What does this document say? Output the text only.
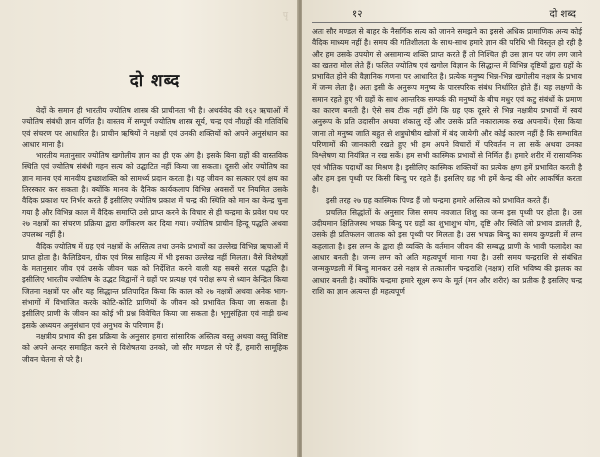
पृ
दो शब्द

वेदों के समान ही भारतीय ज्योतिष शास्त्र की प्राचीनता भी है। अथर्ववेद की १६२ ऋचाओं में ज्योतिष संबंधी ज्ञान वर्णित है। वास्तव में सम्पूर्ण ज्योतिष शास्त्र सूर्य, चन्द्र एवं नौग्रहों की गतिविधि एवं संचरण पर आधारित है। प्राचीन ऋषियों ने नक्षत्रों एवं उनकी शक्तियों को अपने अनुसंधान का आधार माना है।

भारतीय मतानुसार ज्योतिष खगोलीय ज्ञान का ही एक अंग है। इसके बिना ग्रहों की वास्तविक स्थिति एवं ज्योतिष संबंधी गहन सत्य को उद्घाटित नहीं किया जा सकता। दूसरी ओर ज्योतिष का ज्ञान मानव एवं मानवीय इच्छाशक्ति को सामर्थ्य प्रदान करता है। यह जीवन का सत्कार एवं क्षय का तिरस्कार कर सकता है। क्योंकि मानव के दैनिक कार्यकलाप विभिन्न अवसरों पर नियमित उसके वैदिक प्रकाश पर निर्भर करते हैं इसीलिए ज्योतिष प्रकाश में चन्द्र की स्थिति को मान का केन्द्र चुना गया है और विभिन्न काल में वैदिक समाप्ति उसे प्राप्त करने के विचार से ही चन्द्रमा के प्रवेश पथ पर २७ नक्षत्रों का संचरण प्रक्रिया द्वारा वर्गीकरण कर दिया गया। ज्योतिष प्राचीन हिन्दू पद्धति अथवा उपलब्ध नहीं है।

वैदिक ज्योतिष में ग्रह एवं नक्षत्रों के अस्तित्व तथा उनके प्रभावों का उल्लेख विभिन्न ऋचाओं में प्राप्त होता है। कैलिडियन, ग्रीक एवं मिस्र साहित्य में भी इसका उल्लेख नहीं मिलता। वैसे विशेषज्ञों के मतानुसार जीव एवं उसके जीवन चक्र को निर्देशित करने वाली यह सबसे सरल पद्धति है। इसीलिए भारतीय ज्योतिष के उद्भट विद्वानों ने ग्रहों पर प्रत्यक्ष एवं परोक्ष रूप से ध्यान केन्द्रित किया जितना नक्षत्रों पर और यह सिद्धान्त प्रतिपादित किया कि काल को २७ नक्षत्रों अथवा अनेक भाग-संभागों में विभाजित करके कोटि-कोटि प्राणियों के जीवन को प्रभावित किया जा सकता है। इसीलिए प्राणी के जीवन का कोई भी प्रश्न विवेचित किया जा सकता है। भृगुसंहिता एवं नाड़ी ग्रन्थ इसके अध्ययन अनुसंधान एवं अनुभव के परिणाम हैं।

नक्षत्रीय प्रभाव की इस प्रक्रिया के अनुसार हमारा सांसारिक अस्तित्व वस्तु अथवा वस्तु विशिष्ट को अपने अन्दर समाहित करने से विशेषतया उनको, जो सौर मण्डल से परे हैं, हमारी सामूहिक जीवन चेतना से परे है।

१२	दो शब्द

अतः सौर मण्डल से बाहर के नैसर्गिक सत्य को जानने समझने का इससे अधिक प्रामाणिक अन्य कोई वैदिक माध्यम नहीं है। समय की गतिशीलता के साथ-साथ हमारे ज्ञान की परिधि भी विस्तृत हो रही है और हम उसके उपयोग से असामान्य शक्ति प्राप्त करते हैं तो निश्चित ही उस ज्ञान पर जंग लग जाने का खतरा मोल लेते हैं। फलित ज्योतिष एवं खगोल विज्ञान के सिद्धान्त में विभिन्न दृष्टियों द्वारा ग्रहों के प्रभावित होने की वैज्ञानिक गणना पर आधारित है। प्रत्येक मनुष्य भिन्न-भिन्न खगोलीय नक्षत्र के प्रभाव में जन्म लेता है। अतः इसी के अनुरूप मनुष्य के पारस्परिक संबंध निर्धारित होते हैं। यह लक्षणों के समान रहते हुए भी ग्रहों के साथ आन्तरिक सम्पर्क की मनुष्यों के बीच मधुर एवं कटु संबंधों के प्रमाण का कारण बनती है। ऐसे सब टीक नहीं होंगे कि ग्रह एक दूसरे से भिन्न नक्षत्रीय प्रभावों में स्वयं अनुरूप के प्रति उदासीन अथवा शंकालु रहें और उसके प्रति नकारात्मक रुख अपनायें। ऐसा किया जाना तो मनुष्य जाति बहुत से शत्रुघोषीय खोजों में बंद जायेगी और कोई कारण नहीं है कि सम्भावित परिणामों की जानकारी रखते हुए भी हम अपने विचारों में परिवर्तन न ला सकें अथवा उनका विश्लेषण या नियंत्रित न रख सकें। हम सभी कास्मिक प्रभावों से निर्मित हैं। हमारे शरीर में रासायनिक एवं भौतिक पदार्थों का मिश्रण है। इसीलिए कास्मिक शक्तियों का प्रत्येक क्षण हमें प्रभावित करती है और हम इस पृथ्वी पर किसी बिन्दु पर रहते हैं। इसलिए ग्रह भी हमें केन्द्र की ओर आकर्षित करता है।

इसी तरह २७ ग्रह कास्मिक पिण्ड हैं जो चन्द्रमा हमारे अस्तित्व को प्रभावित करते हैं।

प्रचलित सिद्धांतों के अनुसार जिस समय नवजात शिशु का जन्म इस पृथ्वी पर होता है। उस उदीयमान क्षितिजस्थ भचक्र बिन्दु पर ग्रहों का शुभाशुभ योग, दृष्टि और स्थिति जो प्रभाव डालती है, उसके ही प्रतिफलन जातक को इस पृथ्वी पर मिलता है। उस भचक्र बिन्दु का समय कुण्डली में लग्न कहलाता है। इस लग्न के द्वारा ही व्यक्ति के वर्तमान जीवन की सम्बद्ध प्राणी के भावी फलादेश का आधार बनती है। जन्म लग्न को अति महत्वपूर्ण माना गया है। उसी समय चन्द्रराशि से संबंधित जन्मकुण्डली में बिन्दु मानकर उसे नक्षत्र से तत्कालीन चन्द्रराशि (नक्षत्र) राशि भविष्य की झलक का आधार बनती है। क्योंकि चन्द्रमा हमारे सूक्ष्म रूप के मूर्त (मन और शरीर) का प्रतीक है इसलिए चन्द्र राशि का ज्ञान अत्यन्त ही महत्वपूर्ण
